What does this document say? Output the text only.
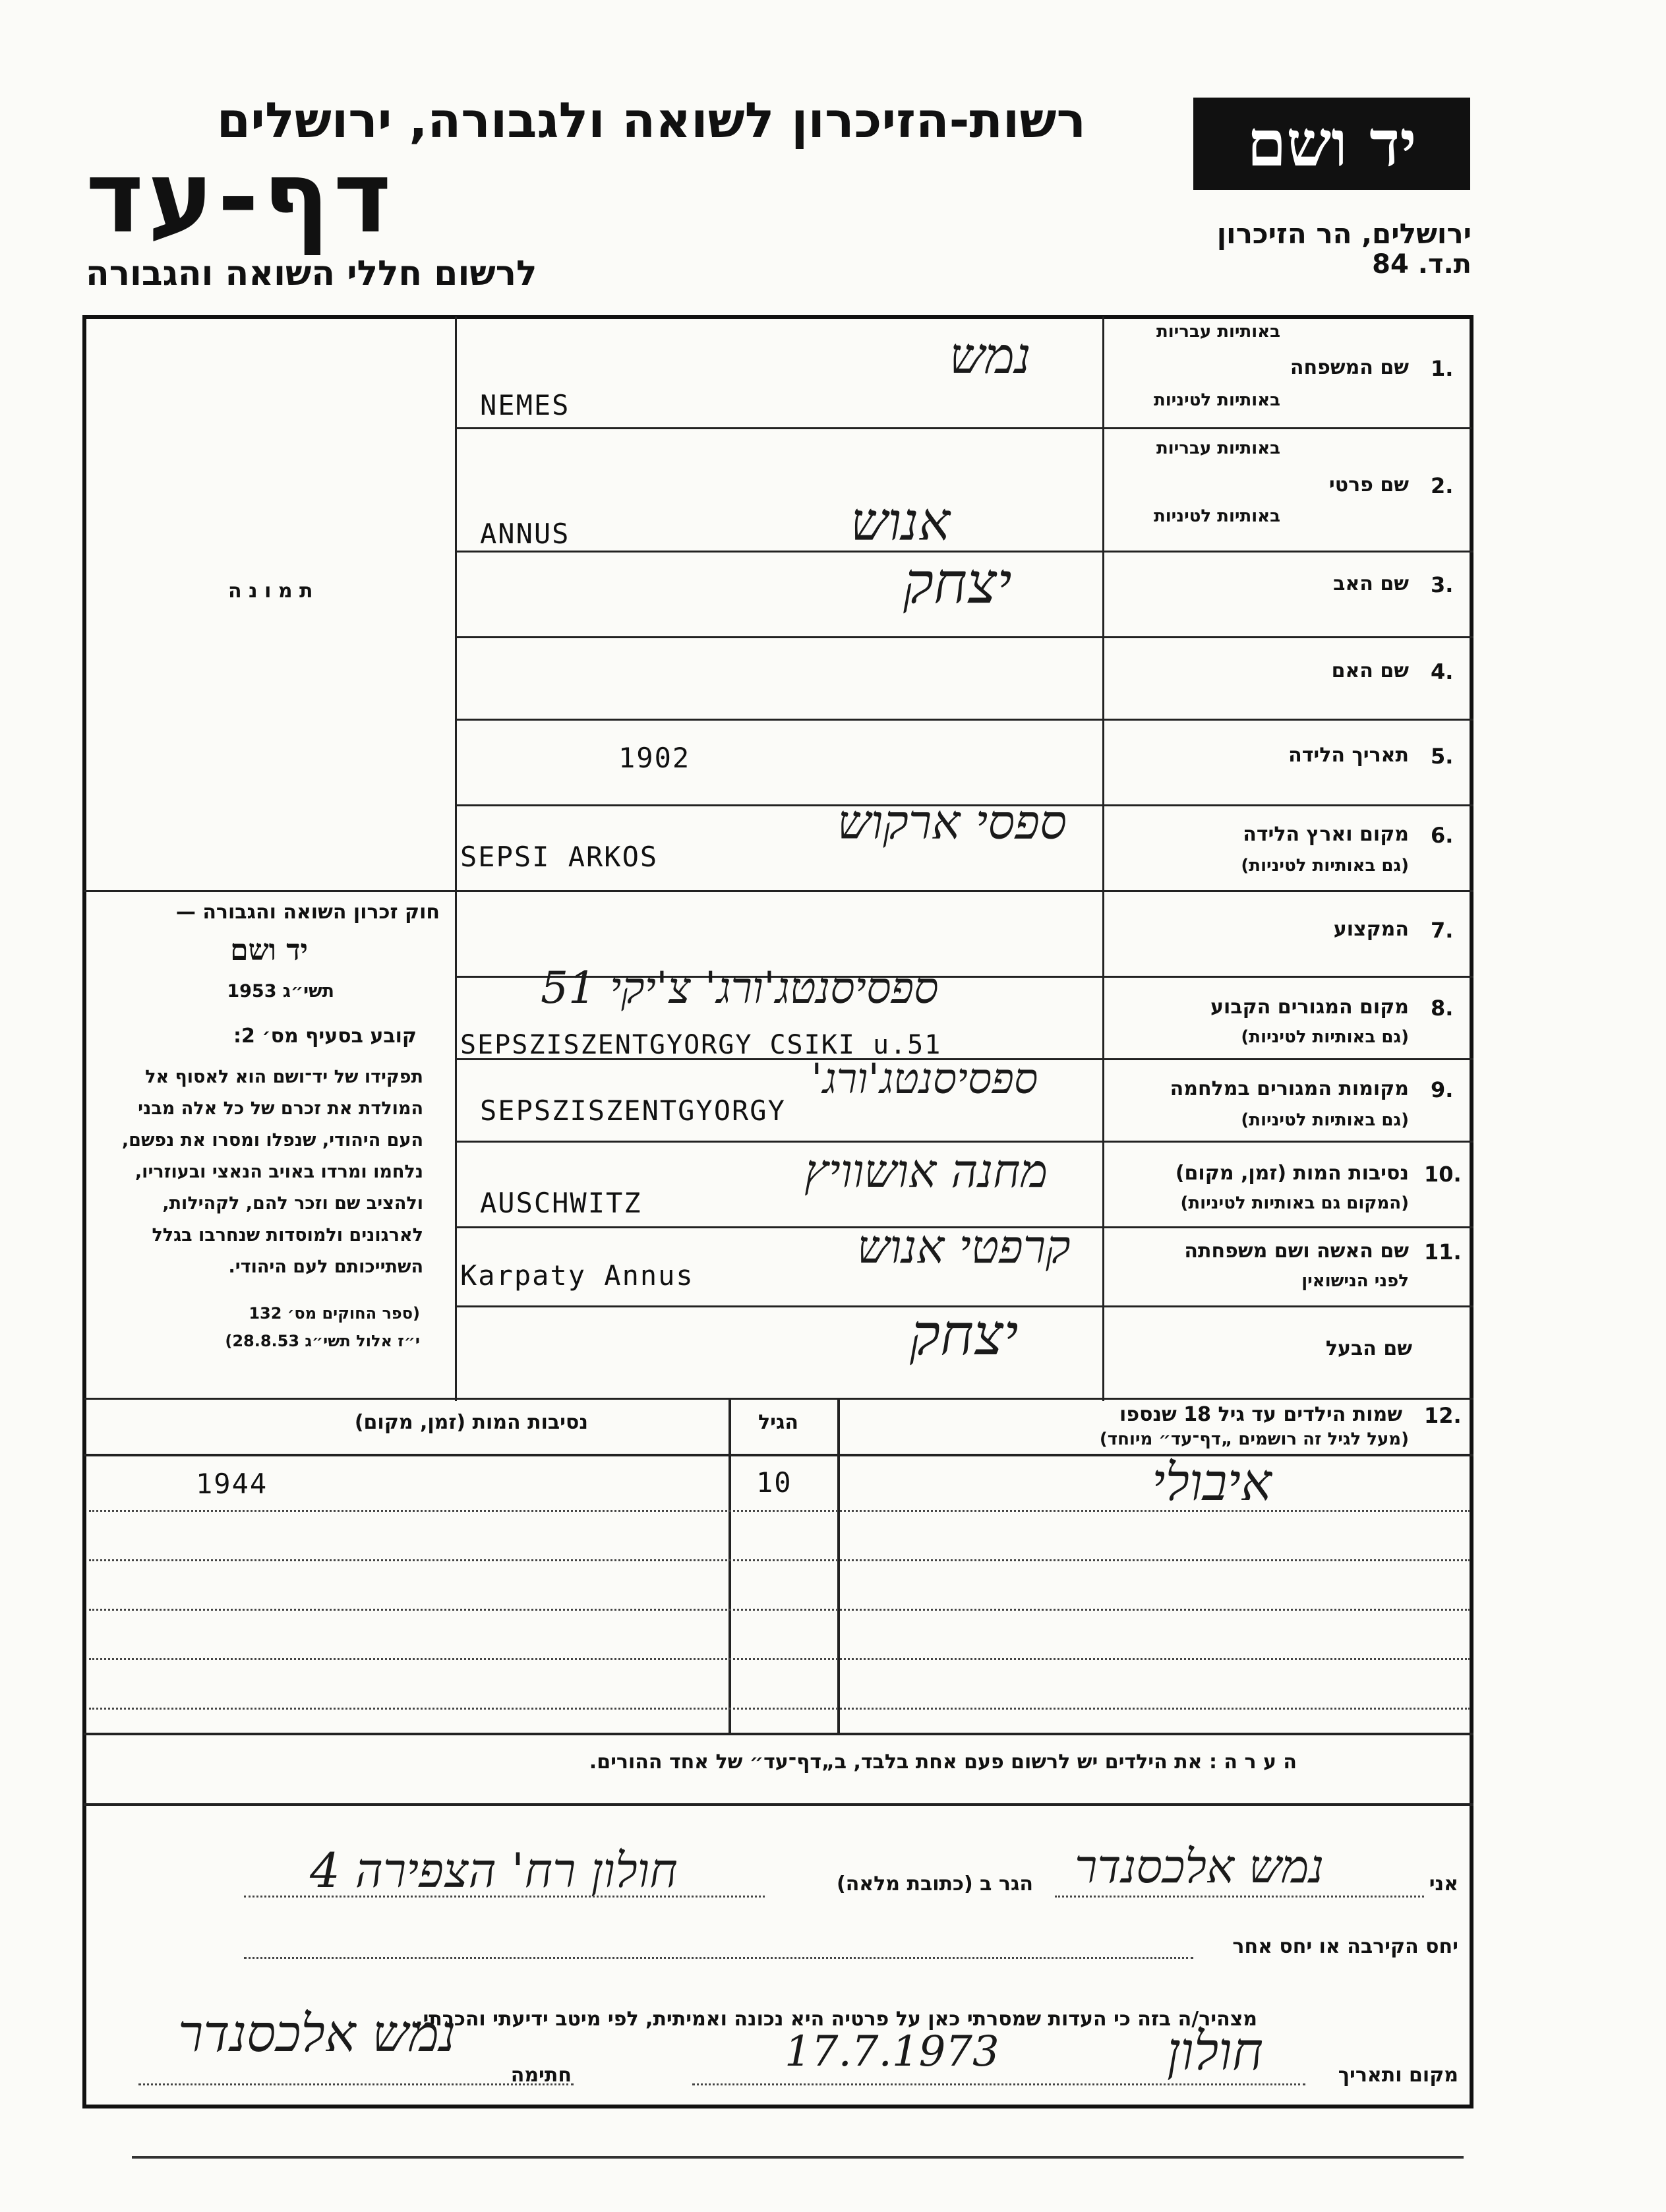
רשות-הזיכרון לשואה ולגבורה, ירושלים
דף-עד
לרשום חללי השואה והגבורה
יד ושם
ירושלים, הר הזיכרון
ת.ד. 84
ת מ ו נ ה
חוק זכרון השואה והגבורה —
יד ושם
תשי״ג 1953
קובע בסעיף מס׳ 2:
תפקידו של יד־ושם הוא לאסוף אל
המולדת את זכרם של כל אלה מבני
העם היהודי, שנפלו ומסרו את נפשם,
נלחמו ומרדו באויב הנאצי ובעוזריו,
ולהציב שם וזכר להם, לקהילות,
לארגונים ולמוסדות שנחרבו בגלל
השתייכותם לעם היהודי.
(ספר החוקים מס׳ 132
י״ז אלול תשי״ג 28.8.53)
באותיות עבריות
1.
שם המשפחה
באותיות לטיניות
באותיות עבריות
2.
שם פרטי
באותיות לטיניות
3.
שם האב
4.
שם האם
5.
תאריך הלידה
6.
מקום וארץ הלידה
(גם באותיות לטיניות)
7.
המקצוע
8.
מקום המגורים הקבוע
(גם באותיות לטיניות)
9.
מקומות המגורים במלחמה
(גם באותיות לטיניות)
10.
נסיבות המות (זמן, מקום)
(המקום גם באותיות לטיניות)
11.
שם האשה ושם משפחתה
לפני הנישואין
שם הבעל
נמש
NEMES
אנוש
ANNUS
יצחק
1902
ספסי ארקוש
SEPSI ARKOS
ספסיסנטג'ורג' צ'יקי 51
SEPSZISZENTGYORGY CSIKI u.51
ספסיסנטג'ורג'
SEPSZISZENTGYORGY
מחנה אושוויץ
AUSCHWITZ
קרפטי אנוש
Karpaty Annus
יצחק
12.
שמות הילדים עד גיל 18 שנספו
(מעל לגיל זה רושמים „דף־עד״ מיוחד)
הגיל
נסיבות המות (זמן, מקום)
איבולי
10
1944
ה ע ר ה : את הילדים יש לרשום פעם אחת בלבד, ב„דף־עד״ של אחד ההורים.
אני
נמש אלכסנדר
הגר ב (כתובת מלאה)
חולון רח' הצפירה 4
יחס הקירבה או יחס אחר
מצהיר/ה בזה כי העדות שמסרתי כאן על פרטיה היא נכונה ואמיתית, לפי מיטב ידיעתי והכרתי.
מקום ותאריך
חולון
17.7.1973
חתימה
נמש אלכסנדר
